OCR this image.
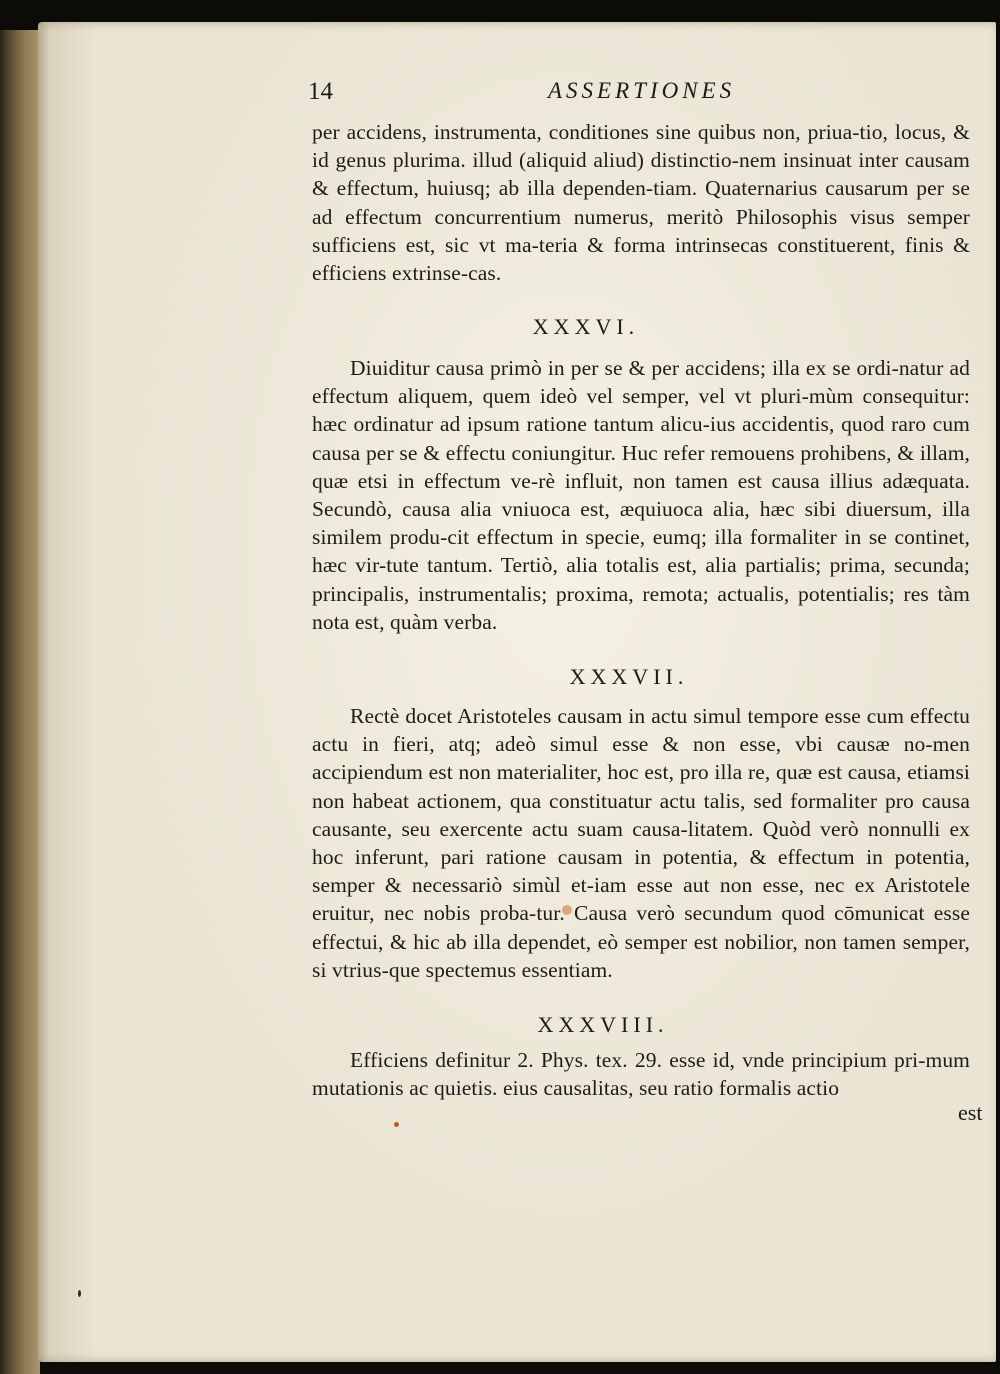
14	ASSERTIONES

per accidens, instrumenta, conditiones sine quibus non, priua-tio, locus, & id genus plurima. illud (aliquid aliud) distinctio-nem insinuat inter causam & effectum, huiusq; ab illa dependen-tiam. Quaternarius causarum per se ad effectum concurrentium numerus, meritò Philosophis visus semper sufficiens est, sic vt ma-teria & forma intrinsecas constituerent, finis & efficiens extrinse-cas.

XXXVI.

Diuiditur causa primò in per se & per accidens; illa ex se ordi-natur ad effectum aliquem, quem ideò vel semper, vel vt pluri-mùm consequitur: hæc ordinatur ad ipsum ratione tantum alicu-ius accidentis, quod raro cum causa per se & effectu coniungitur. Huc refer remouens prohibens, & illam, quæ etsi in effectum ve-rè influit, non tamen est causa illius adæquata. Secundò, causa alia vniuoca est, æquiuoca alia, hæc sibi diuersum, illa similem produ-cit effectum in specie, eumq; illa formaliter in se continet, hæc vir-tute tantum. Tertiò, alia totalis est, alia partialis; prima, secunda; principalis, instrumentalis; proxima, remota; actualis, potentialis; res tàm nota est, quàm verba.

XXXVII.

Rectè docet Aristoteles causam in actu simul tempore esse cum effectu actu in fieri, atq; adeò simul esse & non esse, vbi causæ no-men accipiendum est non materialiter, hoc est, pro illa re, quæ est causa, etiamsi non habeat actionem, qua constituatur actu talis, sed formaliter pro causa causante, seu exercente actu suam causa-litatem. Quòd verò nonnulli ex hoc inferunt, pari ratione causam in potentia, & effectum in potentia, semper & necessariò simùl et-iam esse aut non esse, nec ex Aristotele eruitur, nec nobis proba-tur. Causa verò secundum quod cōmunicat esse effectui, & hic ab illa dependet, eò semper est nobilior, non tamen semper, si vtrius-que spectemus essentiam.

XXXVIII.

Efficiens definitur 2. Phys. tex. 29. esse id, vnde principium pri-mum mutationis ac quietis. eius causalitas, seu ratio formalis actio

est
